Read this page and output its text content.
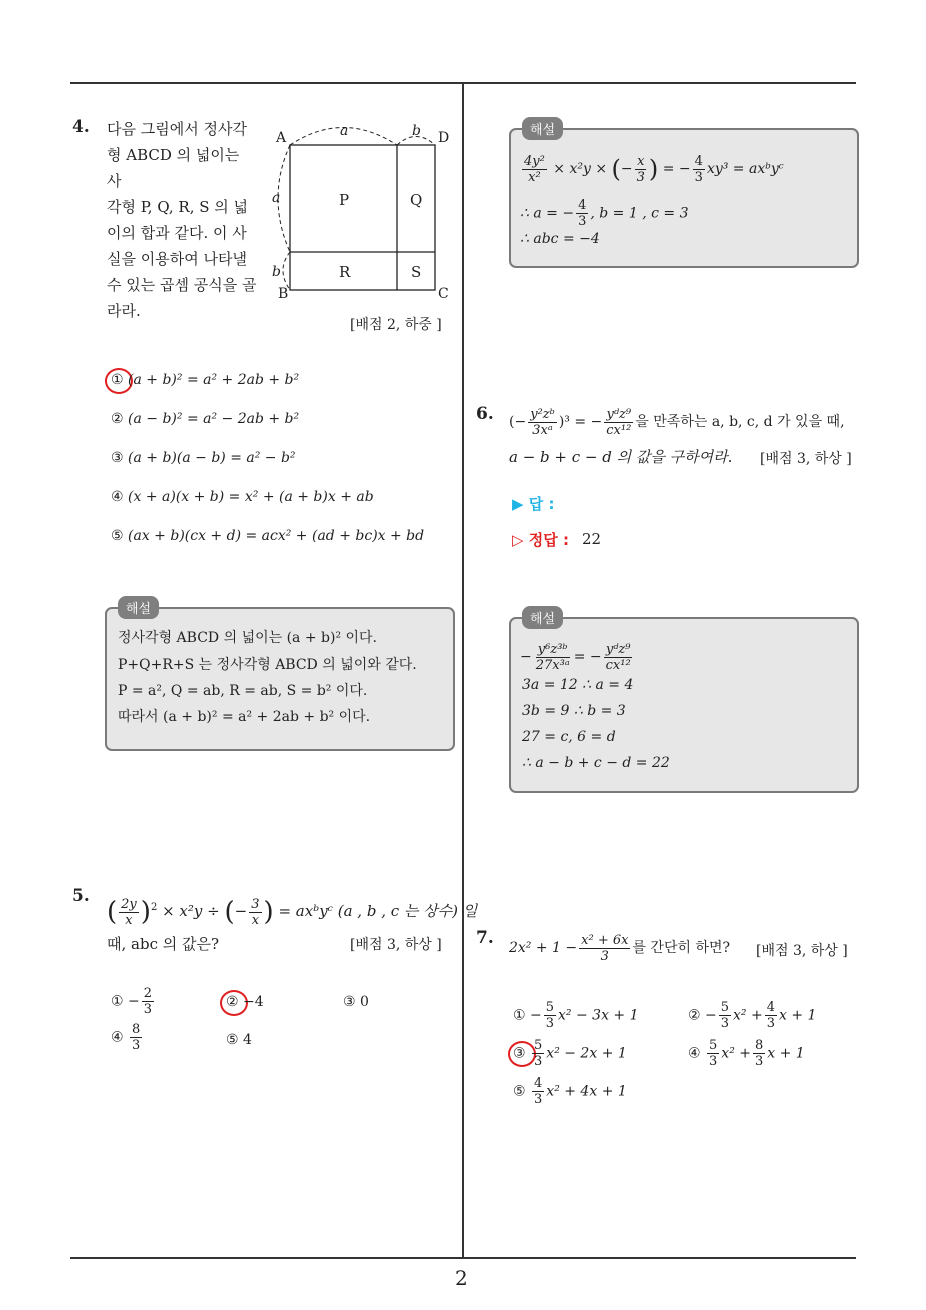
2
4. 다음 그림에서 정사각
형 ABCD 의 넓이는 사
각형 P, Q, R, S 의 넓
이의 합과 같다. 이 사
실을 이용하여 나타낼
수 있는 곱셈 공식을 골
라라.
A	D
B	C
a	b
a
b
P	Q
R	S
[배점 2, 하중 ]
① (a + b)² = a² + 2ab + b²
② (a − b)² = a² − 2ab + b²
③ (a + b)(a − b) = a² − b²
④ (x + a)(x + b) = x² + (a + b)x + ab
⑤ (ax + b)(cx + d) = acx² + (ad + bc)x + bd
해설
정사각형 ABCD 의 넓이는 (a + b)² 이다.
P+Q+R+S 는 정사각형 ABCD 의 넓이와 같다.
P = a², Q = ab, R = ab, S = b² 이다.
따라서 (a + b)² = a² + 2ab + b² 이다.
5.
( $\frac{2y}{x} )^2 \times x^2y$ ÷ (− $\frac{3}{x}$ ) = axᵇyᶜ (a , b , c 는 상수) 일
때, abc 의 값은?	[배점 3, 하상 ]
① − $\frac{2}{3}$	② −4	③ 0
④ $\frac{8}{3}$	⑤ 4
해설
$\frac{\text{4y²}}{\text{x²}} \times x^2y$ × (− $\frac{x}{3}$ ) = − $\frac{4}{3} xy^3$ = axᵇyᶜ
∴ a = − $\frac{4}{3}$ , b = 1 , c = 3
∴ abc = −4
6. (− $\frac{\text{y²zᵇ}}{\text{3xᵃ}} )^3$ = − $\frac{\text{yᵈz⁹}}{\text{cx¹²}}$ 을 만족하는 a, b, c, d 가 있을 때,
a − b + c − d 의 값을 구하여라. [배점 3, 하상 ]
▶ 답 :
▷ 정답 : 22
해설
− $\frac{\text{y⁶z³ᵇ}}{\text{27x³ᵃ}}$ = − $\frac{\text{yᵈz⁹}}{\text{cx¹²}}$
3a = 12 ∴ a = 4
3b = 9 ∴ b = 3
27 = c, 6 = d
∴ a − b + c − d = 22
7. $2x^2 + 1 - \frac{\text{x² + 6x}}{3}$ 를 간단히 하면? [배점 3, 하상 ]
① − $\frac{5}{3} x^2 - 3x + 1$	② − $\frac{5}{3} x^2 + \frac{4}{3}$ x + 1
③ $\frac{5}{3} x^2 - 2x + 1$	④ $\frac{5}{3} x^2 + \frac{8}{3}$ x + 1
⑤ $\frac{4}{3} x^2 + 4x + 1$
